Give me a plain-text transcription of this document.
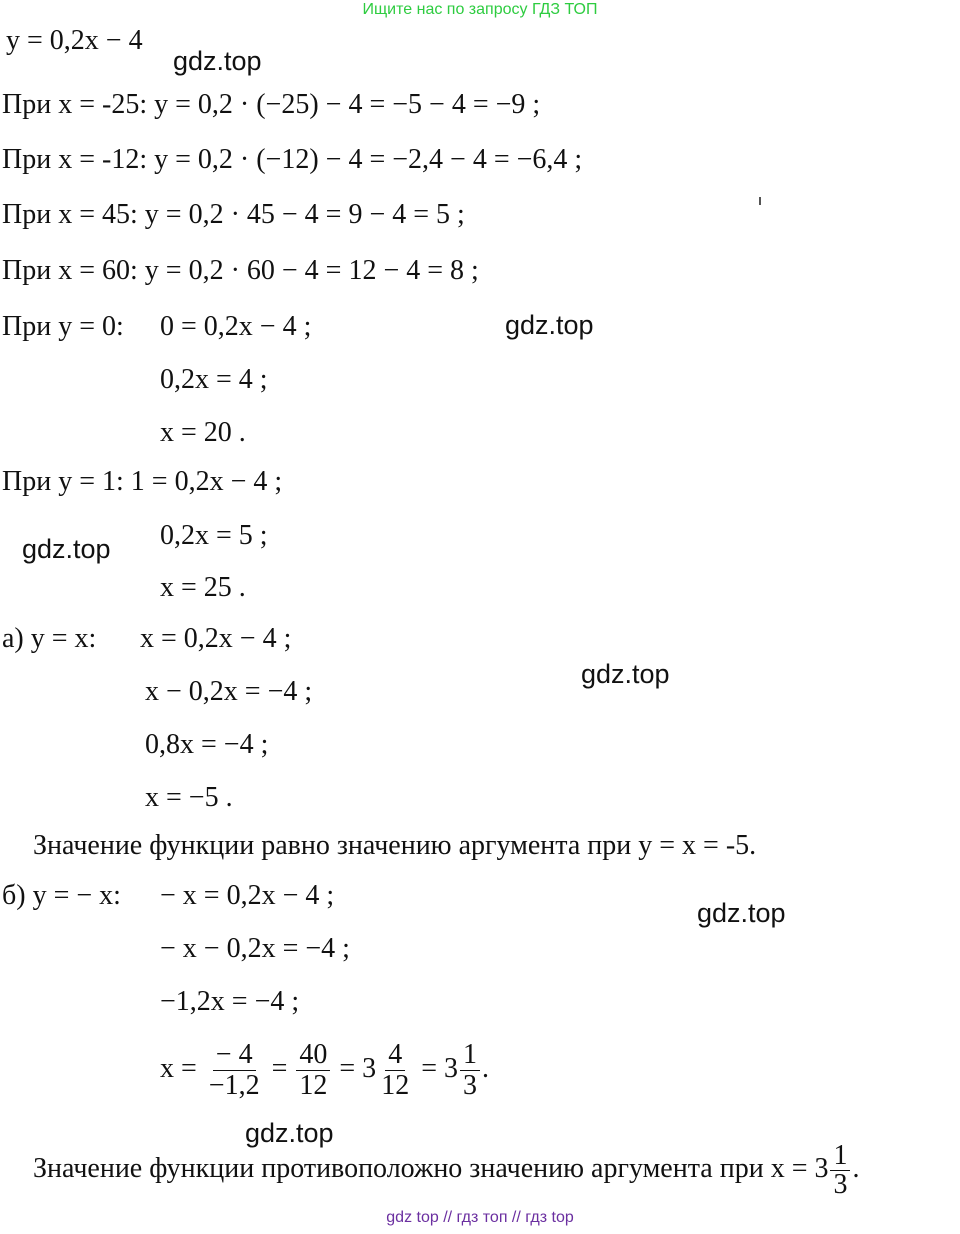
Ищите нас по запросу ГДЗ ТОП
y = 0,2x − 4
gdz.top
При x = -25: y = 0,2 · (−25) − 4 = −5 − 4 = −9 ;
При x = -12: y = 0,2 · (−12) − 4 = −2,4 − 4 = −6,4 ;
При x = 45: y = 0,2 · 45 − 4 = 9 − 4 = 5 ;
При x = 60: y = 0,2 · 60 − 4 = 12 − 4 = 8 ;
При y = 0: 0 = 0,2x − 4 ;	gdz.top
0,2x = 4 ;
x = 20 .
При y = 1: 1 = 0,2x − 4 ;
gdz.top 0,2x = 5 ;
x = 25 .
а) y = x: x = 0,2x − 4 ;
gdz.top
x − 0,2x = −4 ;
0,8x = −4 ;
x = −5 .
Значение функции равно значению аргумента при y = x = -5.
б) y = − x: − x = 0,2x − 4 ;
gdz.top
− x − 0,2x = −4 ;
−1,2x = −4 ;
$x = \frac{- 4}{-1,2} = \frac{40}{12} = 3 \frac{4}{12} = 3 \frac{1}{3}$ .
gdz.top
Значение функции противоположно значению аргумента при $x = 3 \frac{1}{3}$ .
gdz top // гдз топ // гдз top
